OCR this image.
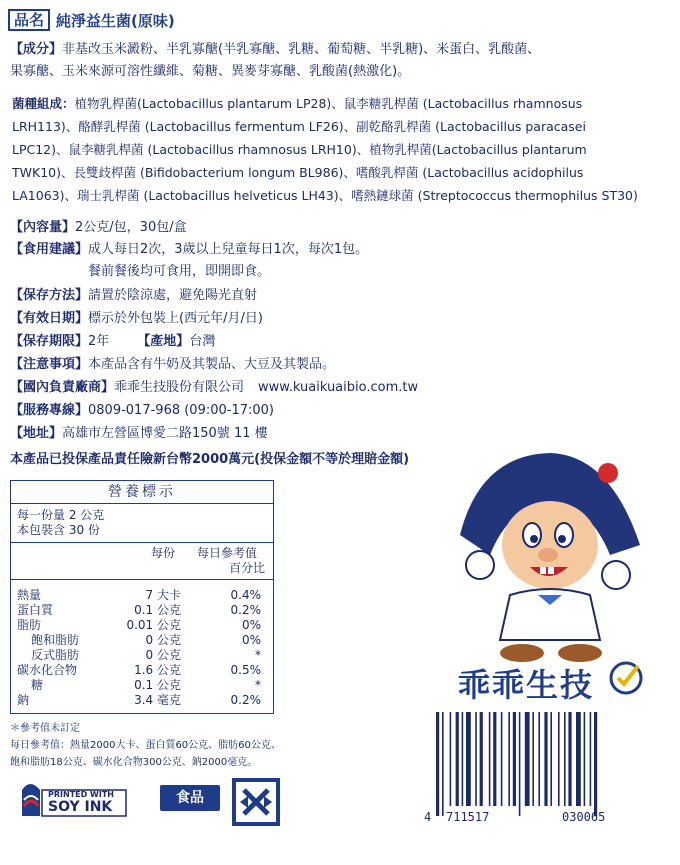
品名 純淨益生菌(原味)
【成分】非基改玉米澱粉、半乳寡醣(半乳寡醣、乳糖、葡萄糖、半乳糖)、米蛋白、乳酸菌、
果寡醣、玉米來源可溶性纖維、菊糖、異麥芽寡醣、乳酸菌(熱激化)。
菌種組成：植物乳桿菌(Lactobacillus plantarum LP28)、鼠李糖乳桿菌 (Lactobacillus rhamnosus
LRH113)、酪酵乳桿菌 (Lactobacillus fermentum LF26)、副乾酪乳桿菌 (Lactobacillus paracasei
LPC12)、鼠李糖乳桿菌 (Lactobacillus rhamnosus LRH10)、植物乳桿菌(Lactobacillus plantarum
TWK10)、長雙歧桿菌 (Bifidobacterium longum BL986)、嗜酸乳桿菌 (Lactobacillus acidophilus
LA1063)、瑞士乳桿菌 (Lactobacillus helveticus LH43)、嗜熱鏈球菌 (Streptococcus thermophilus ST30)
【內容量】2公克/包，30包/盒
【食用建議】成人每日2次，3歲以上兒童每日1次，每次1包。
餐前餐後均可食用，即開即食。
【保存方法】請置於陰涼處，避免陽光直射
【有效日期】標示於外包裝上(西元年/月/日)
【保存期限】2年 【產地】台灣
【注意事項】本產品含有牛奶及其製品、大豆及其製品。
【國內負責廠商】乖乖生技股份有限公司 www.kuaikuaibio.com.tw
【服務專線】0809-017-968 (09:00-17:00)
【地址】高雄市左營區博愛二路150號 11 樓
本產品已投保產品責任險新台幣2000萬元(投保金額不等於理賠金額)
營養標示
每一份量 2 公克
本包裝含 30 份
每份 每日參考值
百分比
熱量	7 大卡	0.4%
蛋白質	0.1 公克	0.2%
脂肪	0.01 公克	0%
飽和脂肪	0 公克	0%
反式脂肪	0 公克	*
碳水化合物	1.6 公克	0.5%
糖	0.1 公克	*
鈉	3.4 毫克	0.2%
＊參考值未訂定
每日參考值：熱量2000大卡、蛋白質60公克、脂肪60公克、
飽和脂肪18公克、碳水化合物300公克、鈉2000毫克。
PRINTED WITH
SOY INK
食品
乖乖生技
4 711517	030065
